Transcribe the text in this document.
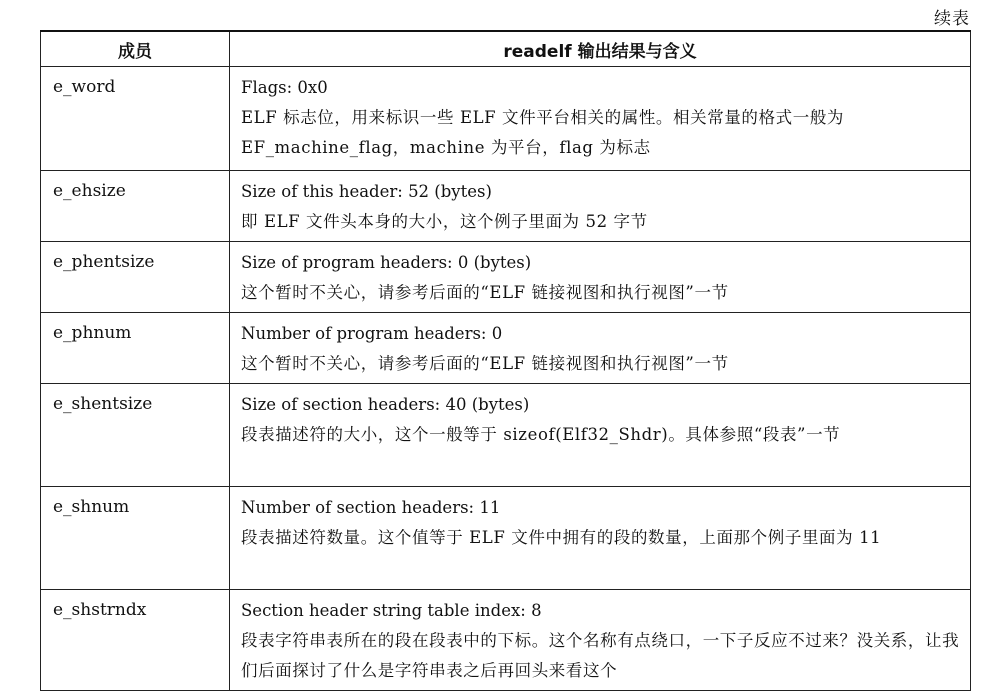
续表
成员	readelf 输出结果与含义
e_word	Flags: 0x0
ELF 标志位，用来标识一些 ELF 文件平台相关的属性。相关常量的格式一般为 EF_machine_flag，machine 为平台，flag 为标志

e_ehsize	Size of this header: 52 (bytes)
即 ELF 文件头本身的大小，这个例子里面为 52 字节

e_phentsize	Size of program headers: 0 (bytes)
这个暂时不关心，请参考后面的“ELF 链接视图和执行视图”一节

e_phnum	Number of program headers: 0
这个暂时不关心，请参考后面的“ELF 链接视图和执行视图”一节

e_shentsize	Size of section headers: 40 (bytes)
段表描述符的大小，这个一般等于 sizeof(Elf32_Shdr)。具体参照“段表”一节

e_shnum	Number of section headers: 11
段表描述符数量。这个值等于 ELF 文件中拥有的段的数量，上面那个例子里面为 11

e_shstrndx	Section header string table index: 8
段表字符串表所在的段在段表中的下标。这个名称有点绕口，一下子反应不过来？没关系，让我们后面探讨了什么是字符串表之后再回头来看这个
